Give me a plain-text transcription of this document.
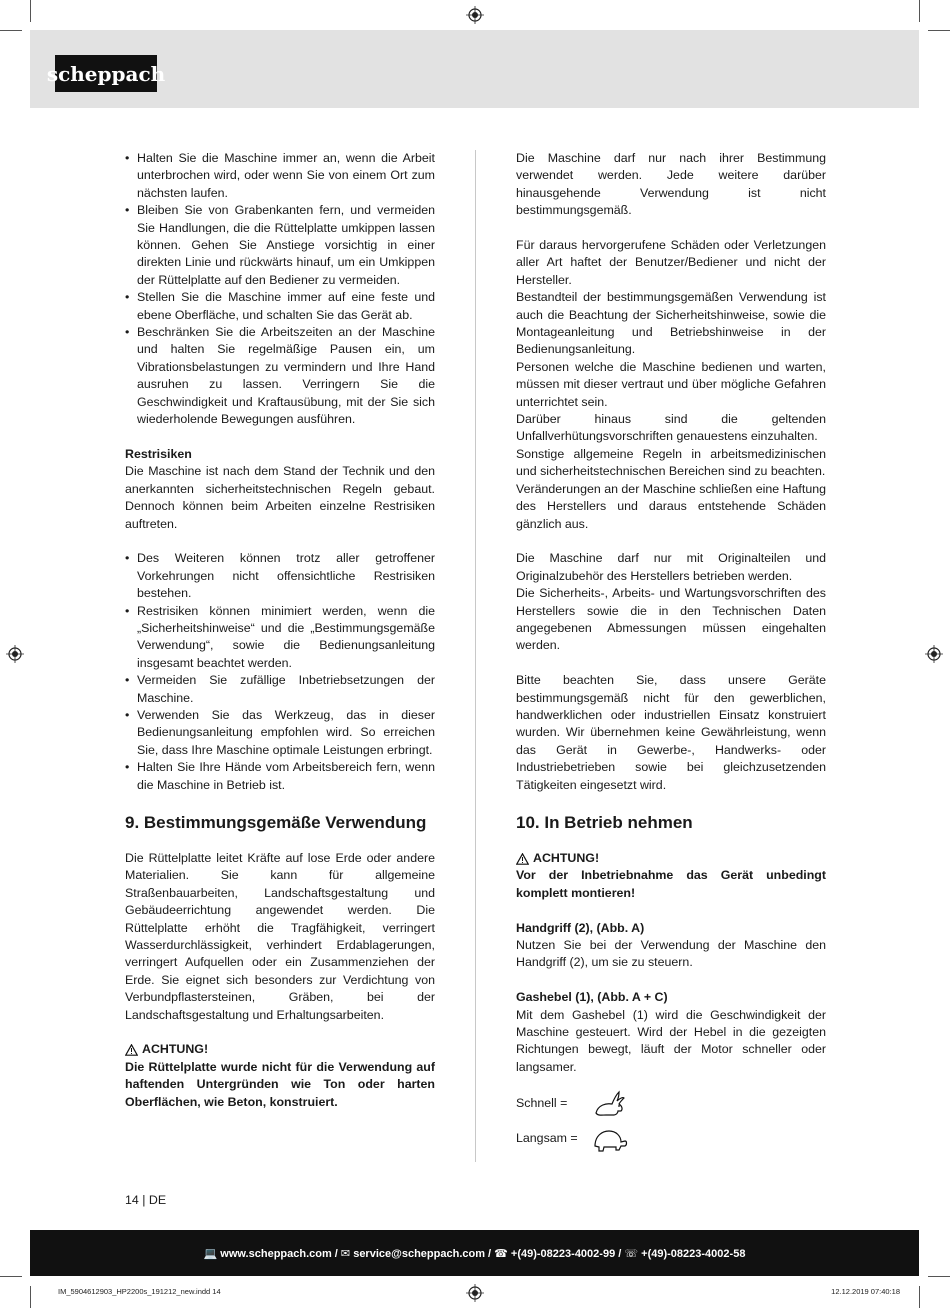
scheppach
• Halten Sie die Maschine immer an, wenn die Arbeit unterbrochen wird, oder wenn Sie von einem Ort zum nächsten laufen.
• Bleiben Sie von Grabenkanten fern, und vermeiden Sie Handlungen, die die Rüttelplatte umkippen lassen können. Gehen Sie Anstiege vorsichtig in einer direkten Linie und rückwärts hinauf, um ein Umkippen der Rüttelplatte auf den Bediener zu vermeiden.
• Stellen Sie die Maschine immer auf eine feste und ebene Oberfläche, und schalten Sie das Gerät ab.
• Beschränken Sie die Arbeitszeiten an der Maschine und halten Sie regelmäßige Pausen ein, um Vibrationsbelastungen zu vermindern und Ihre Hand ausruhen zu lassen. Verringern Sie die Geschwindigkeit und Kraftausübung, mit der Sie sich wiederholende Bewegungen ausführen.
Restrisiken

Die Maschine ist nach dem Stand der Technik und den anerkannten sicherheitstechnischen Regeln gebaut. Dennoch können beim Arbeiten einzelne Restrisiken auftreten.

• Des Weiteren können trotz aller getroffener Vorkehrungen nicht offensichtliche Restrisiken bestehen.
• Restrisiken können minimiert werden, wenn die „Sicherheitshinweise“ und die „Bestimmungsgemäße Verwendung“, sowie die Bedienungsanleitung insgesamt beachtet werden.
• Vermeiden Sie zufällige Inbetriebsetzungen der Maschine.
• Verwenden Sie das Werkzeug, das in dieser Bedienungsanleitung empfohlen wird. So erreichen Sie, dass Ihre Maschine optimale Leistungen erbringt.
• Halten Sie Ihre Hände vom Arbeitsbereich fern, wenn die Maschine in Betrieb ist.
9. Bestimmungsgemäße Verwendung

Die Rüttelplatte leitet Kräfte auf lose Erde oder andere Materialien. Sie kann für allgemeine Straßenbauarbeiten, Landschaftsgestaltung und Gebäudeerrichtung angewendet werden. Die Rüttelplatte erhöht die Tragfähigkeit, verringert Wasserdurchlässigkeit, verhindert Erdablagerungen, verringert Aufquellen oder ein Zusammenziehen der Erde. Sie eignet sich besonders zur Verdichtung von Verbundpflastersteinen, Gräben, bei der Landschaftsgestaltung und Erhaltungsarbeiten.

ACHTUNG!

Die Rüttelplatte wurde nicht für die Verwendung auf haftenden Untergründen wie Ton oder harten Oberflächen, wie Beton, konstruiert.

Die Maschine darf nur nach ihrer Bestimmung verwendet werden. Jede weitere darüber hinausgehende Verwendung ist nicht bestimmungsgemäß.

Für daraus hervorgerufene Schäden oder Verletzungen aller Art haftet der Benutzer/Bediener und nicht der Hersteller.

Bestandteil der bestimmungsgemäßen Verwendung ist auch die Beachtung der Sicherheitshinweise, sowie die Montageanleitung und Betriebshinweise in der Bedienungsanleitung.

Personen welche die Maschine bedienen und warten, müssen mit dieser vertraut und über mögliche Gefahren unterrichtet sein.

Darüber hinaus sind die geltenden Unfallverhütungsvorschriften genauestens einzuhalten.

Sonstige allgemeine Regeln in arbeitsmedizinischen und sicherheitstechnischen Bereichen sind zu beachten.

Veränderungen an der Maschine schließen eine Haftung des Herstellers und daraus entstehende Schäden gänzlich aus.

Die Maschine darf nur mit Originalteilen und Originalzubehör des Herstellers betrieben werden.

Die Sicherheits-, Arbeits- und Wartungsvorschriften des Herstellers sowie die in den Technischen Daten angegebenen Abmessungen müssen eingehalten werden.

Bitte beachten Sie, dass unsere Geräte bestimmungsgemäß nicht für den gewerblichen, handwerklichen oder industriellen Einsatz konstruiert wurden. Wir übernehmen keine Gewährleistung, wenn das Gerät in Gewerbe-, Handwerks- oder Industriebetrieben sowie bei gleichzusetzenden Tätigkeiten eingesetzt wird.

10. In Betrieb nehmen
ACHTUNG!

Vor der Inbetriebnahme das Gerät unbedingt komplett montieren!

Handgriff (2), (Abb. A)

Nutzen Sie bei der Verwendung der Maschine den Handgriff (2), um sie zu steuern.

Gashebel (1), (Abb. A + C)

Mit dem Gashebel (1) wird die Geschwindigkeit der Maschine gesteuert. Wird der Hebel in die gezeigten Richtungen bewegt, läuft der Motor schneller oder langsamer.

Schnell =
Langsam =
14 | DE
💻 www.scheppach.com / ✉ service@scheppach.com / ☎ +(49)-08223-4002-99 / ☏ +(49)-08223-4002-58
IM_5904612903_HP2200s_191212_new.indd 14	12.12.2019 07:40:18
